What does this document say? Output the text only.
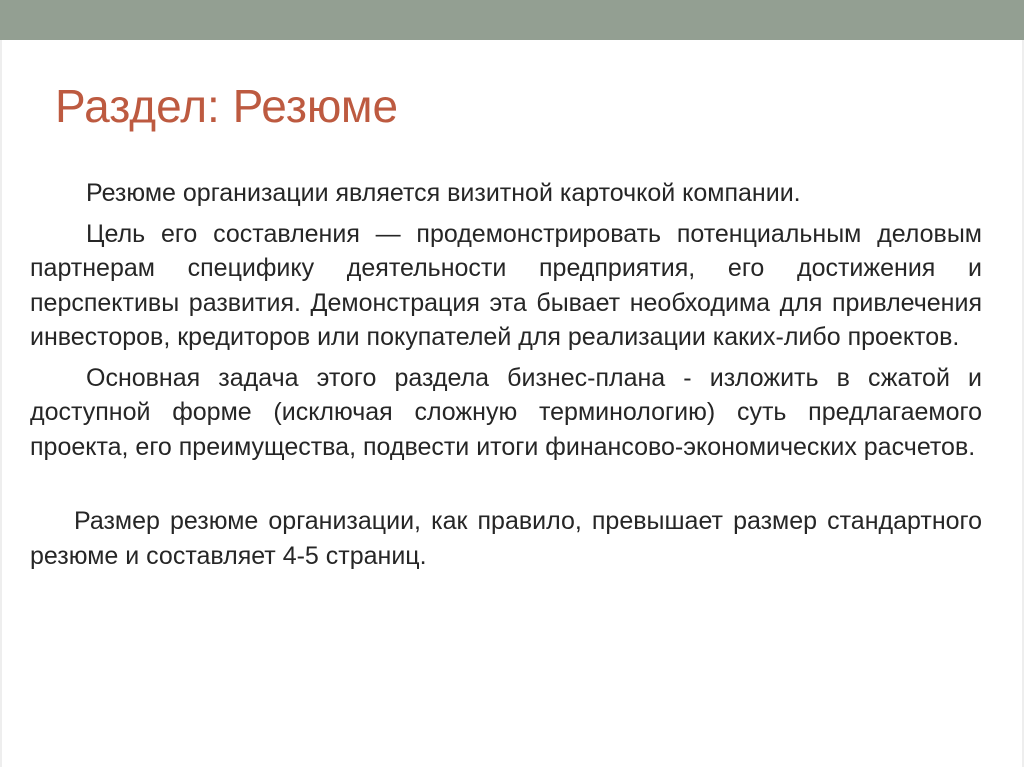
Раздел: Резюме

Резюме организации является визитной карточкой компании.

Цель его составления — продемонстрировать потенциальным деловым партнерам специфику деятельности предприятия, его достижения и перспективы развития. Демонстрация эта бывает необходима для привлечения инвесторов, кредиторов или покупателей для реализации каких-либо проектов.

Основная задача этого раздела бизнес-плана - изложить в сжатой и доступной форме (исключая сложную терминологию) суть предлагаемого проекта, его преимущества, подвести итоги финансово-экономических расчетов.

Размер резюме организации, как правило, превышает размер стандартного резюме и составляет 4-5 страниц.
